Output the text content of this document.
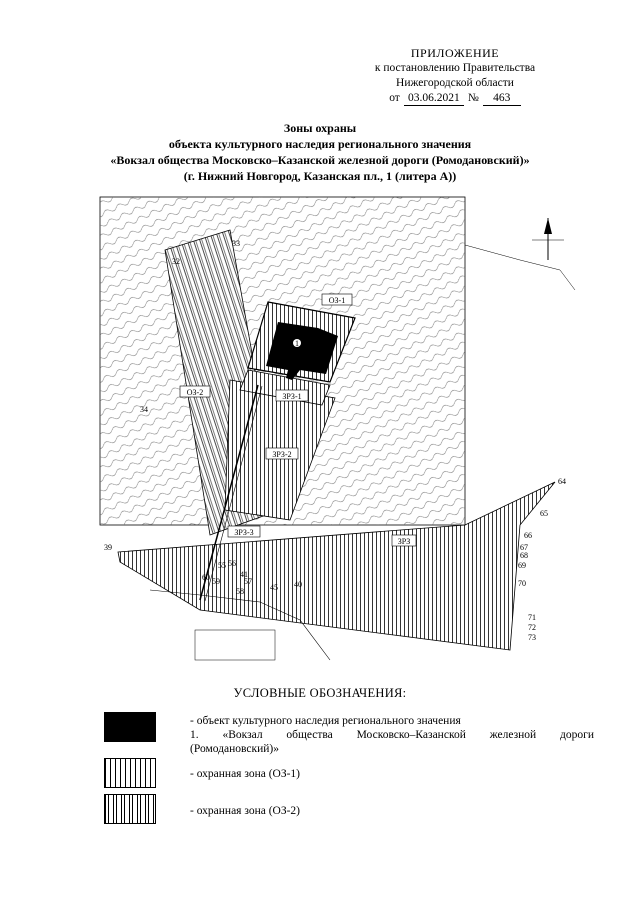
ПРИЛОЖЕНИЕ
к постановлению Правительства
Нижегородской области
от 03.06.2021 №	463
Зоны охраны
объекта культурного наследия регионального значения
«Вокзал общества Московско–Казанской железной дороги (Ромодановский)»
(г. Нижний Новгород, Казанская пл., 1 (литера А))
1
ОЗ-1
ОЗ-2	ЗРЗ-1
ЗРЗ-2
ЗРЗ-3
ЗРЗ
32
33
34
39
40
41
45
55 56
57
58
59
60
64
65
66
67
68
69
70
71
72
73
УСЛОВНЫЕ ОБОЗНАЧЕНИЯ:
- объект культурного наследия регионального значения
1. «Вокзал общества Московско–Казанской железной дороги
(Ромодановский)»
- охранная зона (ОЗ-1)
- охранная зона (ОЗ-2)
